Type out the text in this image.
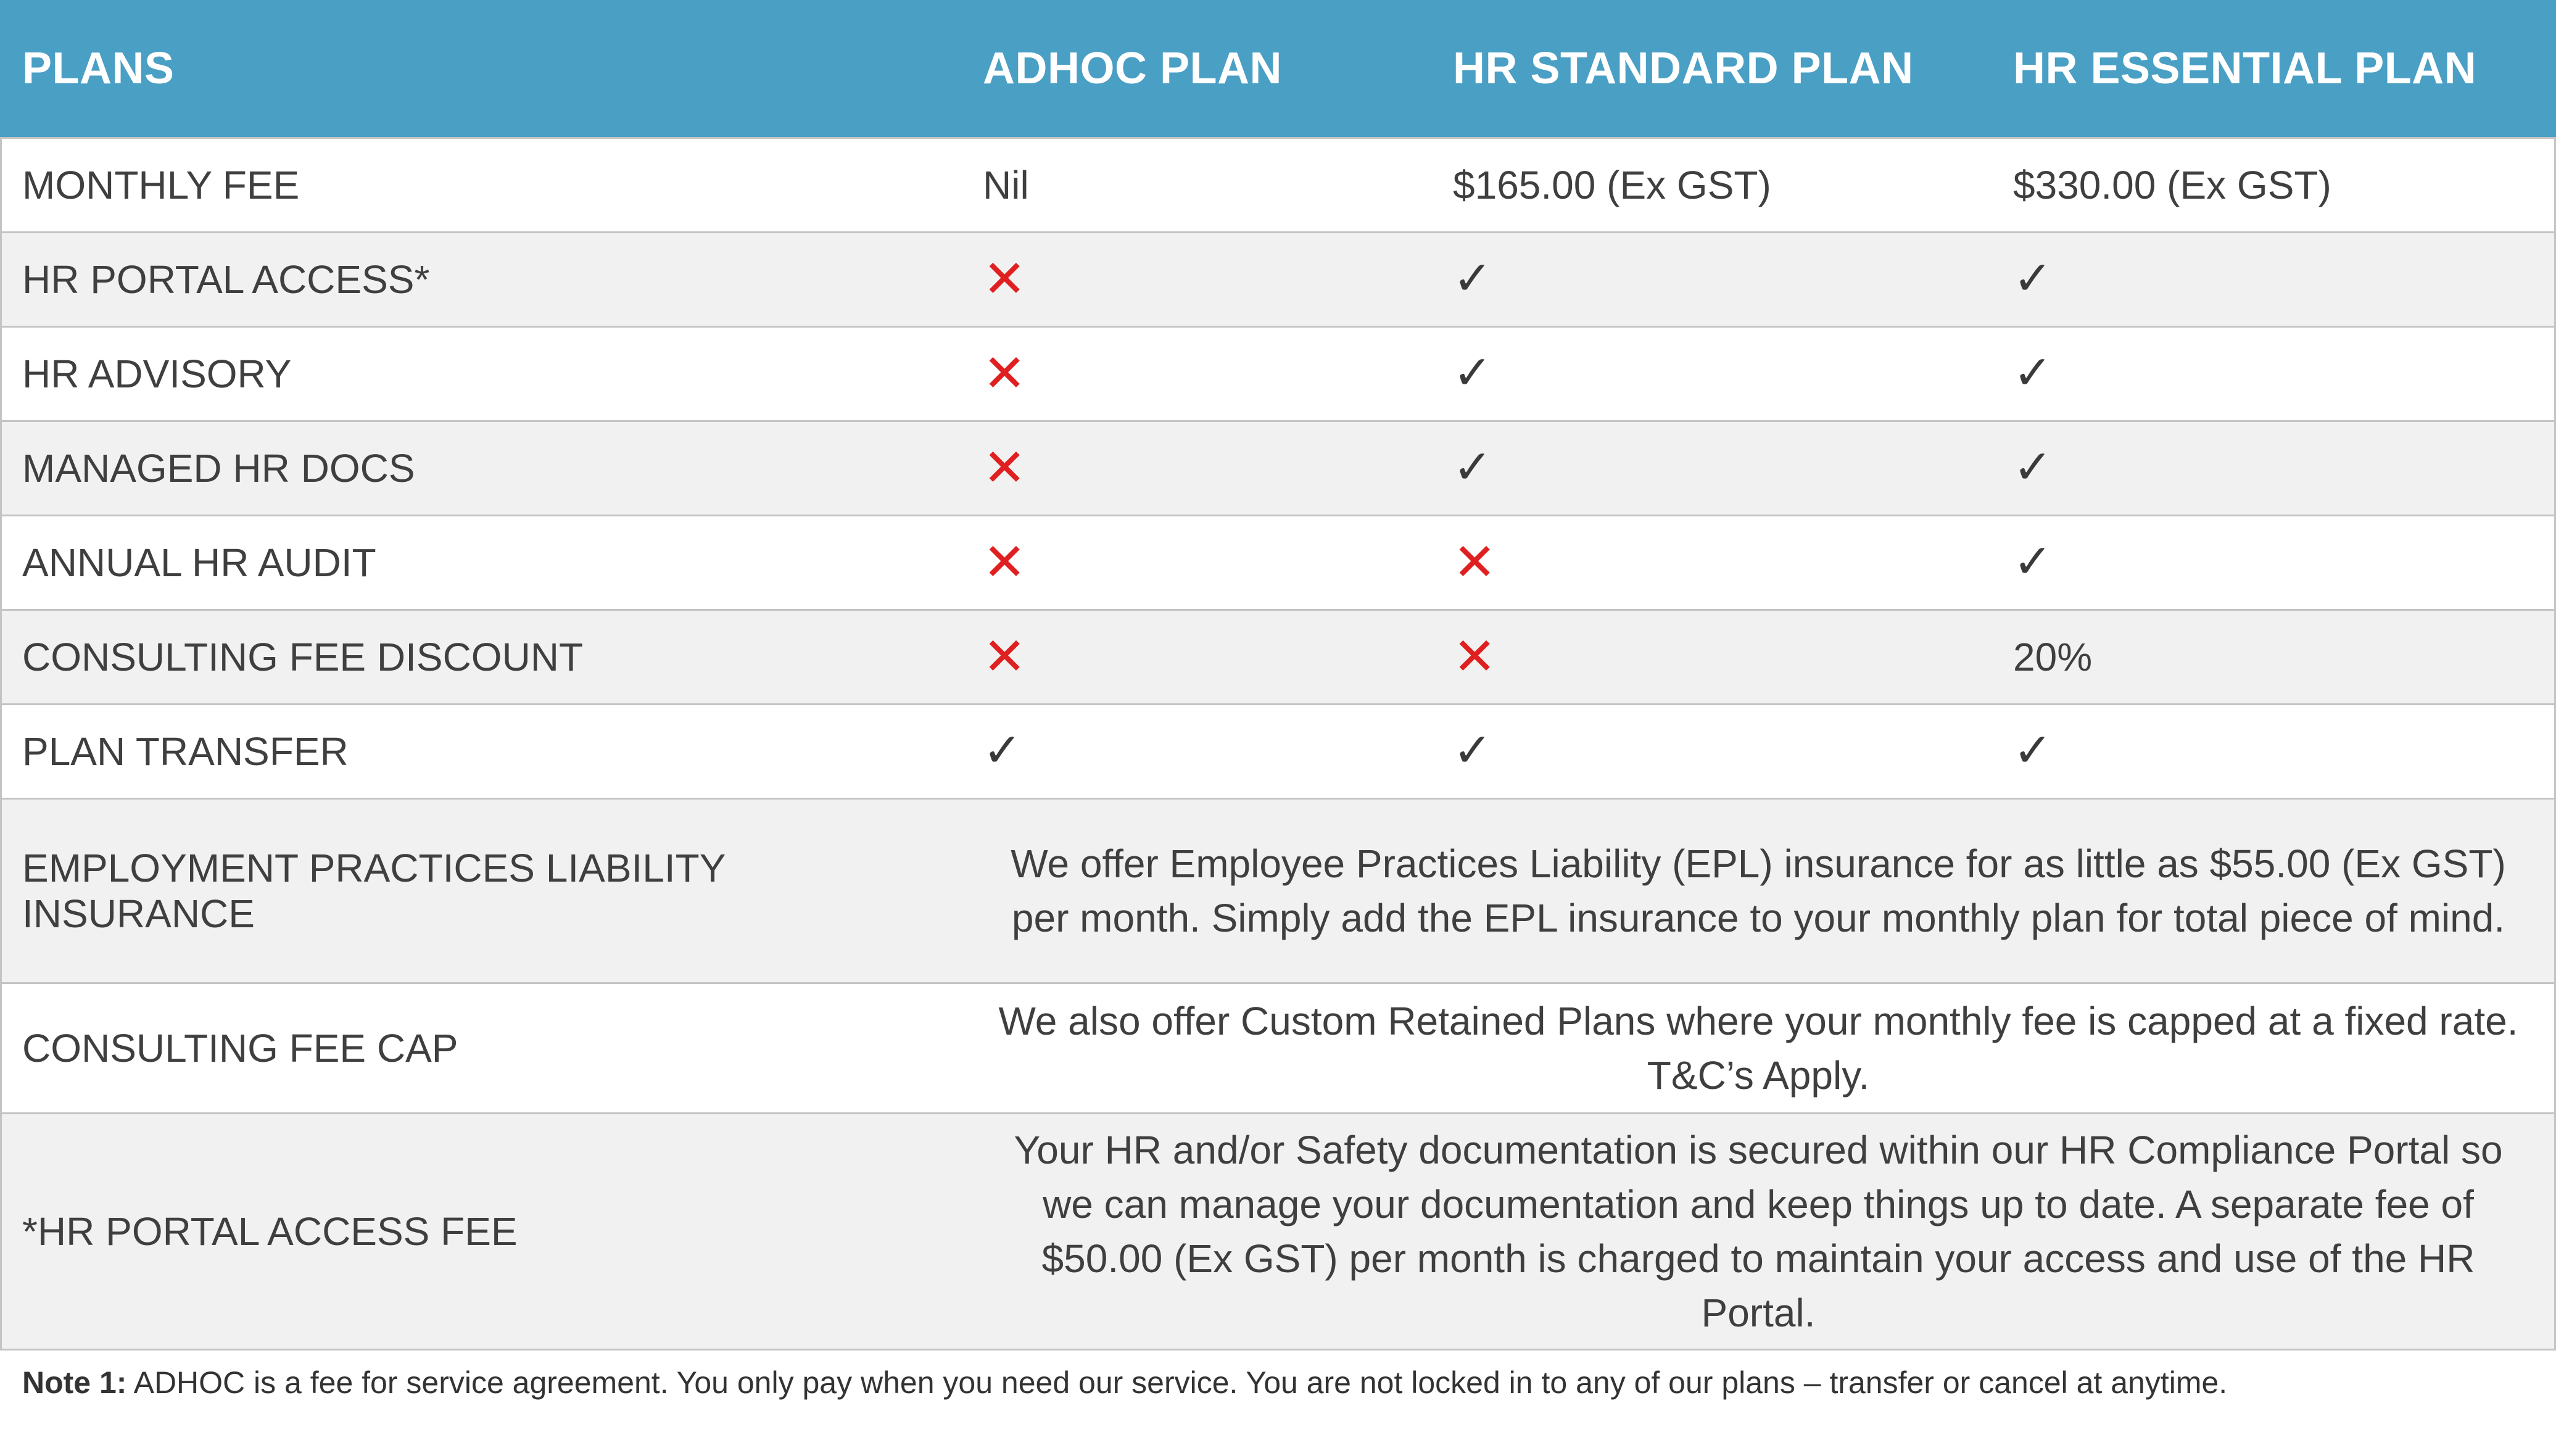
PLANS	ADHOC PLAN	HR STANDARD PLAN	HR ESSENTIAL PLAN
MONTHLY FEE	Nil	$165.00 (Ex GST)	$330.00 (Ex GST)
HR PORTAL ACCESS*	✕	✓	✓
HR ADVISORY	✕	✓	✓
MANAGED HR DOCS	✕	✓	✓
ANNUAL HR AUDIT	✕	✕	✓
CONSULTING FEE DISCOUNT	✕	✕	20%
PLAN TRANSFER	✓	✓	✓
EMPLOYMENT PRACTICES LIABILITY INSURANCE	We offer Employee Practices Liability (EPL) insurance for as little as $55.00 (Ex GST) per month. Simply add the EPL insurance to your monthly plan for total piece of mind.		
CONSULTING FEE CAP	We also offer Custom Retained Plans where your monthly fee is capped at a fixed rate. T&C’s Apply.		
*HR PORTAL ACCESS FEE	Your HR and/or Safety documentation is secured within our HR Compliance Portal so we can manage your documentation and keep things up to date. A separate fee of $50.00 (Ex GST) per month is charged to maintain your access and use of the HR Portal.		
Note 1: ADHOC is a fee for service agreement. You only pay when you need our service. You are not locked in to any of our plans – transfer or cancel at anytime.
